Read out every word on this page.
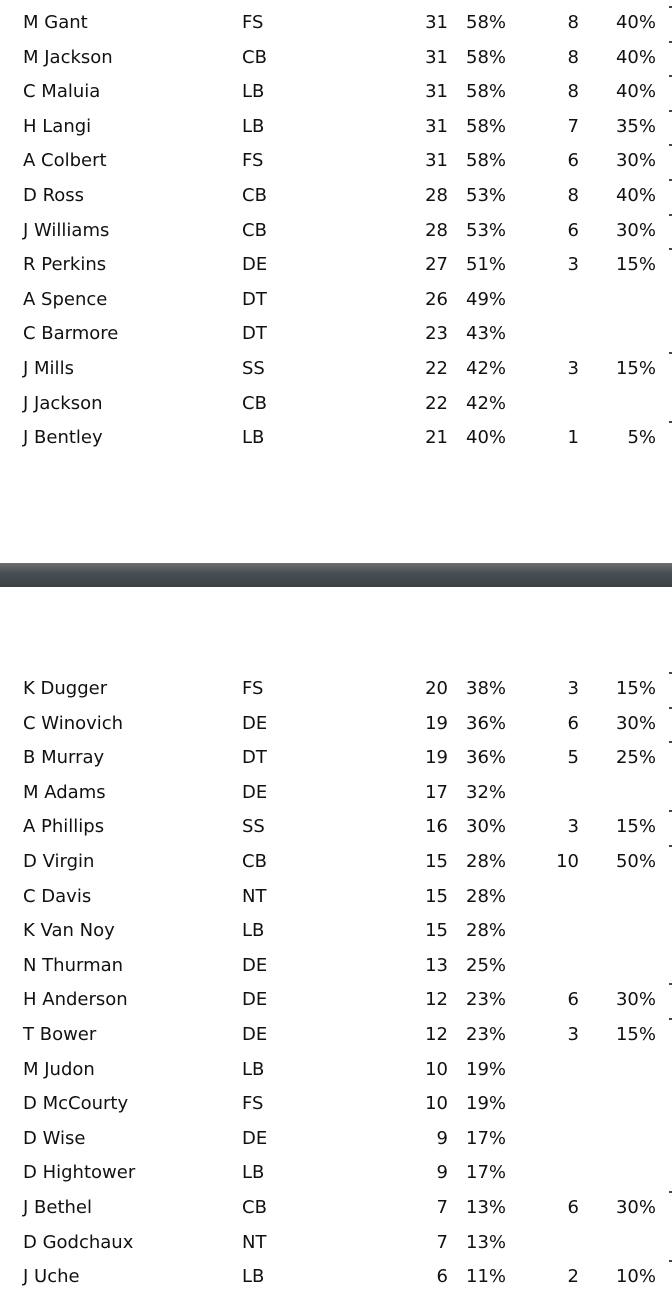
M Gant	FS	31 58%	8 40%
M Jackson	CB	31 58%	8 40%
C Maluia	LB	31 58%	8 40%
H Langi	LB	31 58%	7 35%
A Colbert	FS	31 58%	6 30%
D Ross	CB	28 53%	8 40%
J Williams	CB	28 53%	6 30%
R Perkins	DE	27 51%	3 15%
A Spence	DT	26 49%
C Barmore	DT	23 43%
J Mills	SS	22 42%	3 15%
J Jackson	CB	22 42%
J Bentley	LB	21 40%	1	5%
K Dugger	FS	20 38%	3 15%
C Winovich	DE	19 36%	6 30%
B Murray	DT	19 36%	5 25%
M Adams	DE	17 32%
A Phillips	SS	16 30%	3 15%
D Virgin	CB	15 28%	10 50%
C Davis	NT	15 28%
K Van Noy	LB	15 28%
N Thurman	DE	13 25%
H Anderson	DE	12 23%	6 30%
T Bower	DE	12 23%	3 15%
M Judon	LB	10 19%
D McCourty	FS	10 19%
D Wise	DE	9 17%
D Hightower	LB	9 17%
J Bethel	CB	7 13%	6 30%
D Godchaux	NT	7 13%
J Uche	LB	6 11%	2 10%
